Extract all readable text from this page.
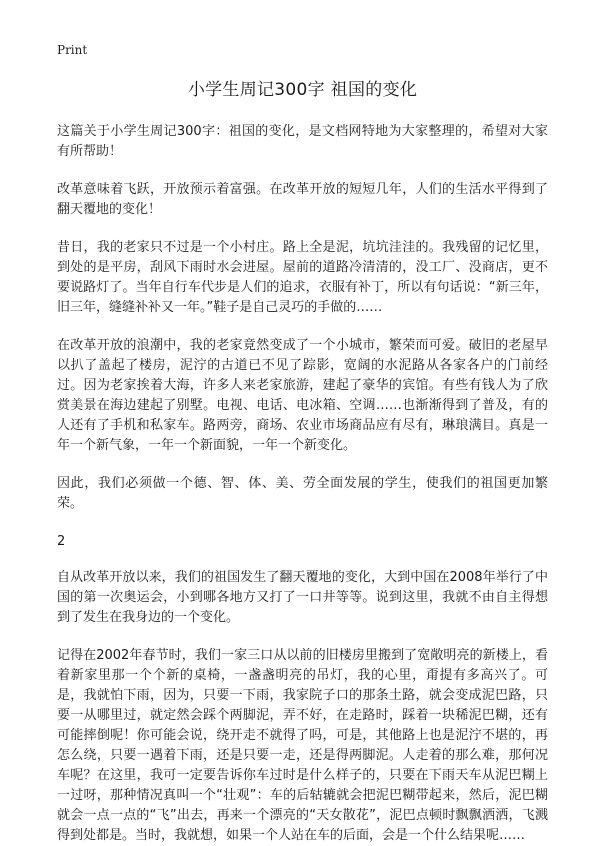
Print
小学生周记300字 祖国的变化

这篇关于小学生周记300字：祖国的变化，是文档网特地为大家整理的，希望对大家有所帮助！

改革意味着飞跃，开放预示着富强。在改革开放的短短几年，人们的生活水平得到了翻天覆地的变化！

昔日，我的老家只不过是一个小村庄。路上全是泥，坑坑洼洼的。我残留的记忆里，到处的是平房，刮风下雨时水会进屋。屋前的道路冷清清的，没工厂、没商店，更不要说路灯了。当年自行车代步是人们的追求，衣服有补丁，所以有句话说：“新三年，旧三年，缝缝补补又一年。”鞋子是自己灵巧的手做的……

在改革开放的浪潮中，我的老家竟然变成了一个小城市，繁荣而可爱。破旧的老屋早以扒了盖起了楼房，泥泞的古道已不见了踪影，宽阔的水泥路从各家各户的门前经过。因为老家挨着大海，许多人来老家旅游，建起了豪华的宾馆。有些有钱人为了欣赏美景在海边建起了别墅。电视、电话、电冰箱、空调……也渐渐得到了普及，有的人还有了手机和私家车。路两旁，商场、农业市场商品应有尽有，琳琅满目。真是一年一个新气象，一年一个新面貌，一年一个新变化。

因此，我们必须做一个德、智、体、美、劳全面发展的学生，使我们的祖国更加繁荣。

2

自从改革开放以来，我们的祖国发生了翻天覆地的变化，大到中国在2008年举行了中国的第一次奥运会，小到哪各地方又打了一口井等等。说到这里，我就不由自主得想到了发生在我身边的一个变化。

记得在2002年春节时，我们一家三口从以前的旧楼房里搬到了宽敞明亮的新楼上，看着新家里那一个个新的桌椅，一盏盏明亮的吊灯，我的心里，甭提有多高兴了。可是，我就怕下雨，因为，只要一下雨，我家院子口的那条土路，就会变成泥巴路，只要一从哪里过，就定然会踩个两脚泥，弄不好，在走路时，踩着一块稀泥巴糊，还有可能摔倒呢！你可能会说，绕开走不就得了吗，可是，其他路上也是泥泞不堪的，再怎么绕，只要一遇着下雨，还是只要一走，还是得两脚泥。人走着的那么难，那何况车呢？在这里，我可一定要告诉你车过时是什么样子的，只要在下雨天车从泥巴糊上一过呀，那种情况真叫一个“壮观”：车的后轱辘就会把泥巴糊带起来，然后，泥巴糊就会一点一点的“飞”出去，再来一个漂亮的“天女散花”，泥巴点顿时飘飘洒洒，飞溅得到处都是。当时，我就想，如果一个人站在车的后面，会是一个什么结果呢……
